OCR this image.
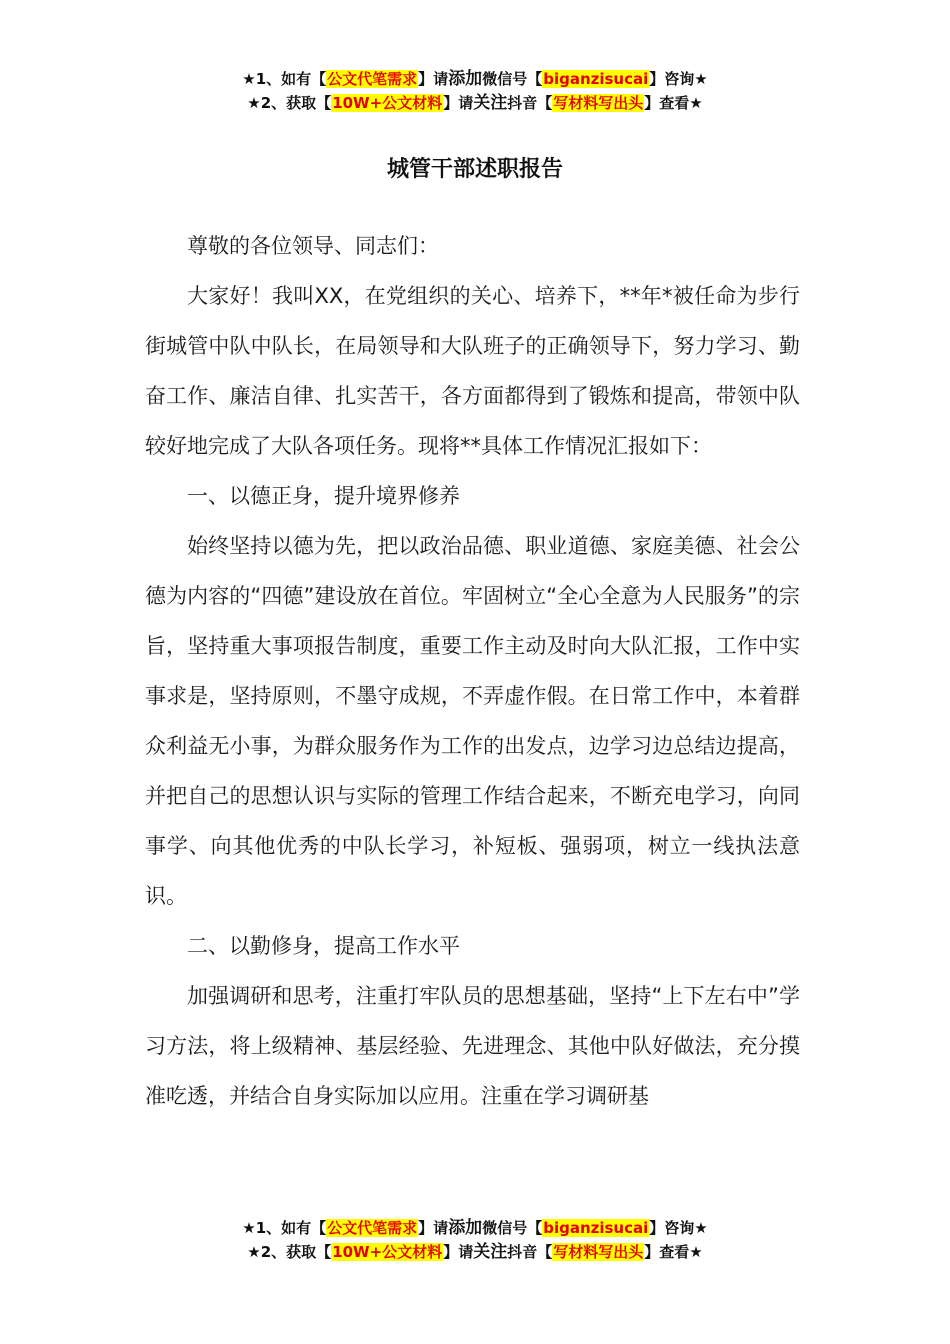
★1、如有【公文代笔需求】请添加微信号【biganzisucai】咨询★
★2、获取【10W+公文材料】请关注抖音【写材料写出头】查看★
城管干部述职报告

尊敬的各位领导、同志们：

大家好！我叫XX，在党组织的关心、培养下，**年*被任命为步行街城管中队中队长，在局领导和大队班子的正确领导下，努力学习、勤奋工作、廉洁自律、扎实苦干，各方面都得到了锻炼和提高，带领中队较好地完成了大队各项任务。现将**具体工作情况汇报如下：

一、以德正身，提升境界修养

始终坚持以德为先，把以政治品德、职业道德、家庭美德、社会公德为内容的“四德”建设放在首位。牢固树立“全心全意为人民服务”的宗旨，坚持重大事项报告制度，重要工作主动及时向大队汇报，工作中实事求是，坚持原则，不墨守成规，不弄虚作假。在日常工作中，本着群众利益无小事，为群众服务作为工作的出发点，边学习边总结边提高，并把自己的思想认识与实际的管理工作结合起来，不断充电学习，向同事学、向其他优秀的中队长学习，补短板、强弱项，树立一线执法意识。

二、以勤修身，提高工作水平

加强调研和思考，注重打牢队员的思想基础，坚持“上下左右中”学习方法，将上级精神、基层经验、先进理念、其他中队好做法，充分摸准吃透，并结合自身实际加以应用。注重在学习调研基

★1、如有【公文代笔需求】请添加微信号【biganzisucai】咨询★
★2、获取【10W+公文材料】请关注抖音【写材料写出头】查看★
